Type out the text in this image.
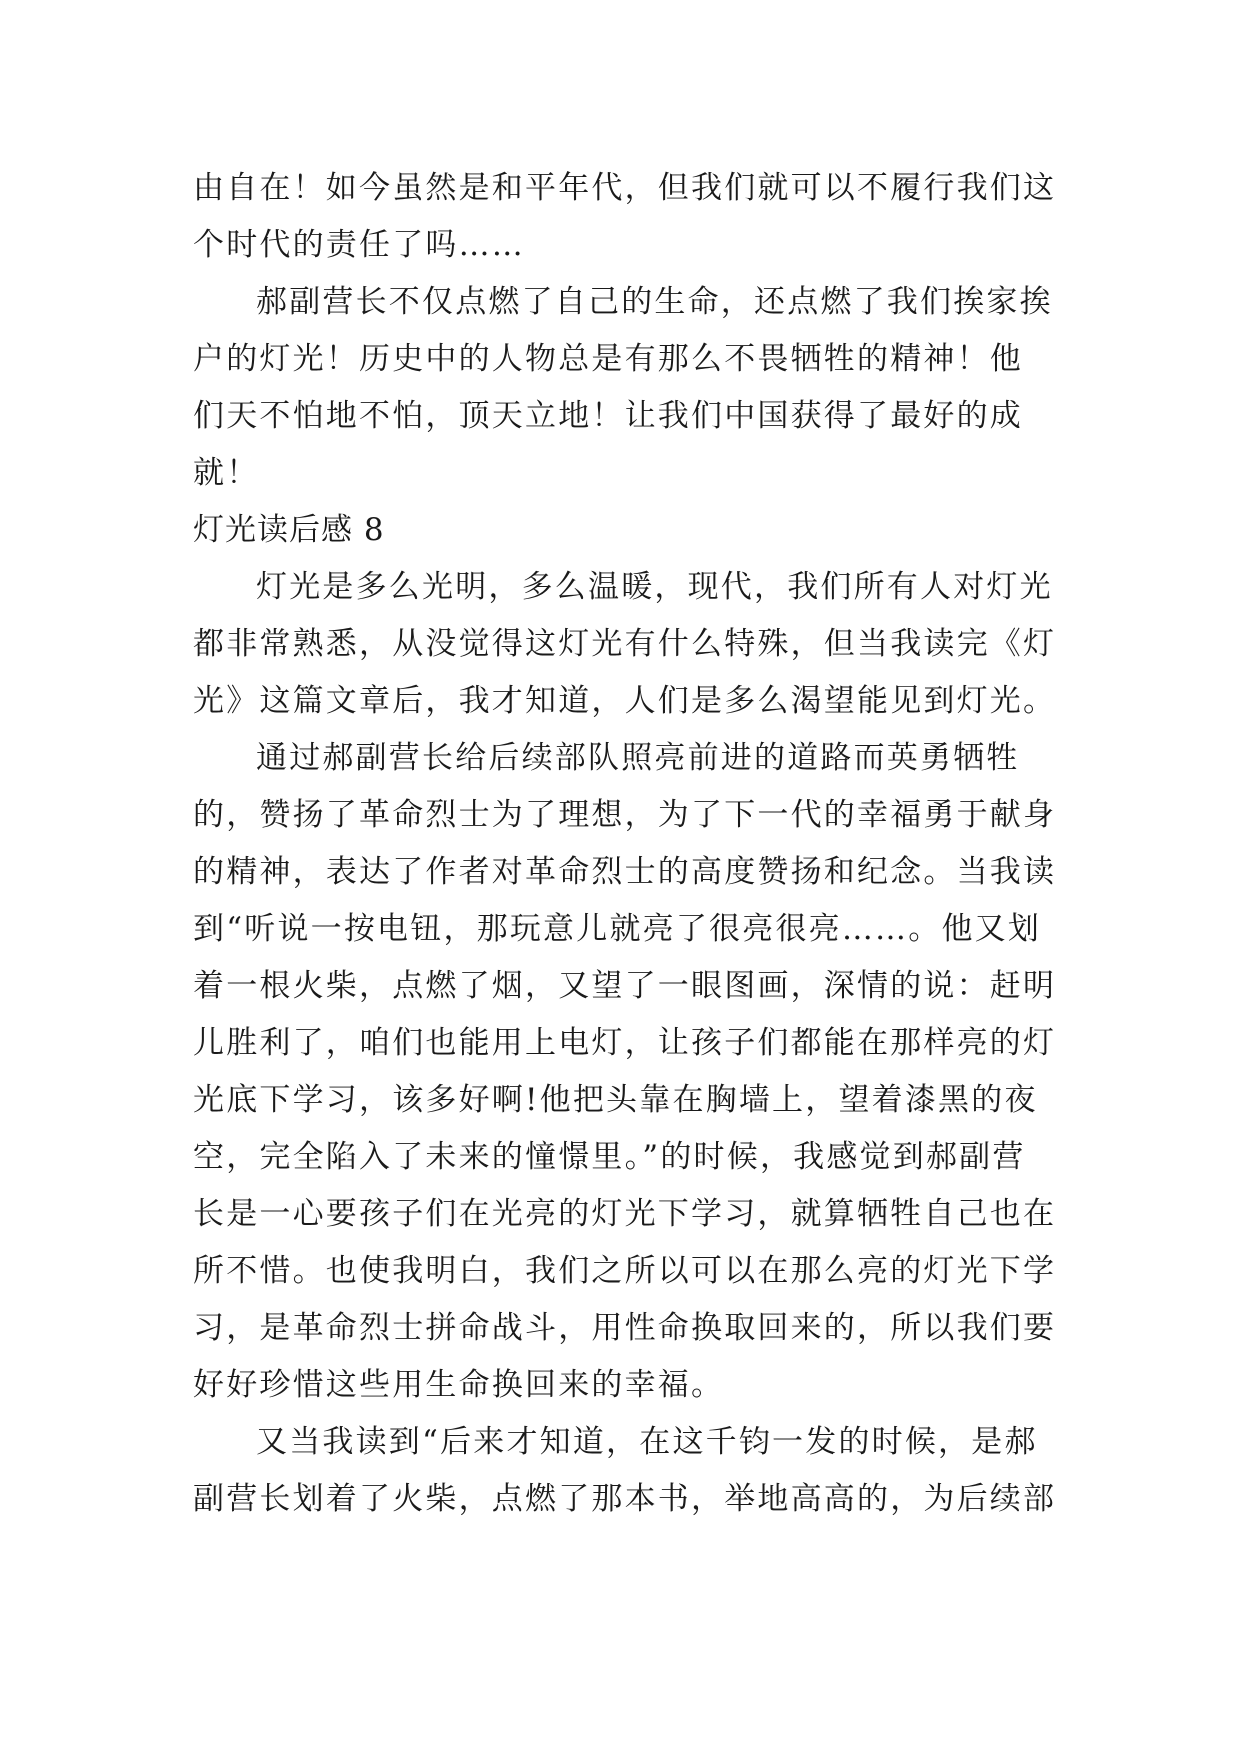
由自在！如今虽然是和平年代，但我们就可以不履行我们这
个时代的责任了吗……

郝副营长不仅点燃了自己的生命，还点燃了我们挨家挨
户的灯光！历史中的人物总是有那么不畏牺牲的精神！他
们天不怕地不怕，顶天立地！让我们中国获得了最好的成
就！

灯光读后感 8

灯光是多么光明，多么温暖，现代，我们所有人对灯光
都非常熟悉，从没觉得这灯光有什么特殊，但当我读完《灯
光》这篇文章后，我才知道，人们是多么渴望能见到灯光。

通过郝副营长给后续部队照亮前进的道路而英勇牺牲
的，赞扬了革命烈士为了理想，为了下一代的幸福勇于献身
的精神，表达了作者对革命烈士的高度赞扬和纪念。当我读
到“听说一按电钮，那玩意儿就亮了很亮很亮……。他又划
着一根火柴，点燃了烟，又望了一眼图画，深情的说：赶明
儿胜利了，咱们也能用上电灯，让孩子们都能在那样亮的灯
光底下学习，该多好啊!他把头靠在胸墙上，望着漆黑的夜
空，完全陷入了未来的憧憬里。”的时候，我感觉到郝副营
长是一心要孩子们在光亮的灯光下学习，就算牺牲自己也在
所不惜。也使我明白，我们之所以可以在那么亮的灯光下学
习，是革命烈士拼命战斗，用性命换取回来的，所以我们要
好好珍惜这些用生命换回来的幸福。

又当我读到“后来才知道，在这千钧一发的时候，是郝
副营长划着了火柴，点燃了那本书，举地高高的，为后续部
